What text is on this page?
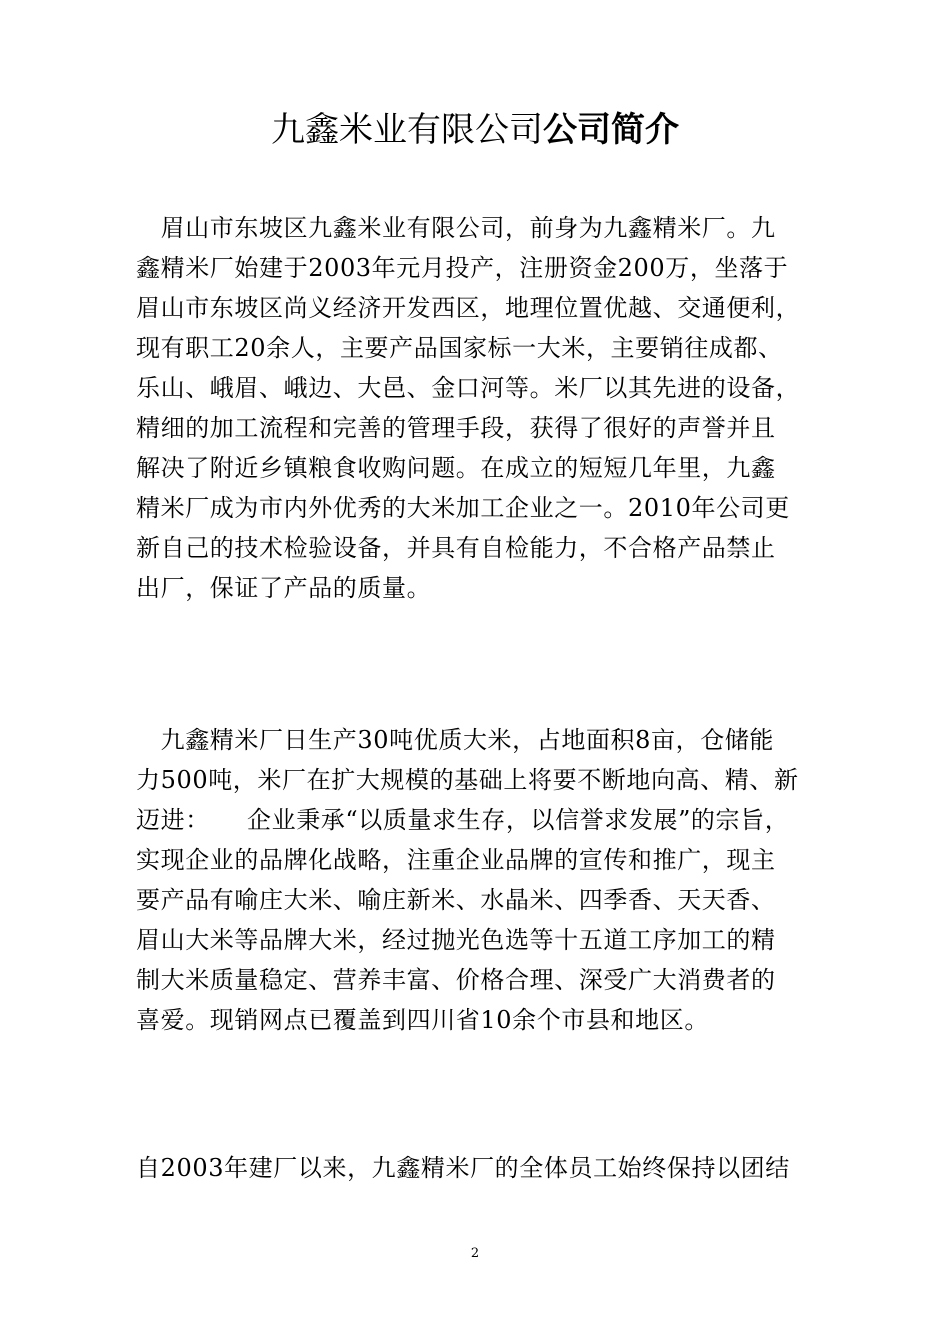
九鑫米业有限公司公司简介
　眉山市东坡区九鑫米业有限公司，前身为九鑫精米厂。九
鑫精米厂始建于2003年元月投产，注册资金200万，坐落于
眉山市东坡区尚义经济开发西区，地理位置优越、交通便利，
现有职工20余人，主要产品国家标一大米，主要销往成都、
乐山、峨眉、峨边、大邑、金口河等。米厂以其先进的设备，
精细的加工流程和完善的管理手段，获得了很好的声誉并且
解决了附近乡镇粮食收购问题。在成立的短短几年里，九鑫
精米厂成为市内外优秀的大米加工企业之一。2010年公司更
新自己的技术检验设备，并具有自检能力，不合格产品禁止
出厂，保证了产品的质量。
　九鑫精米厂日生产30吨优质大米，占地面积8亩，仓储能
力500吨，米厂在扩大规模的基础上将要不断地向高、精、新
迈进：　　企业秉承“以质量求生存，以信誉求发展”的宗旨，
实现企业的品牌化战略，注重企业品牌的宣传和推广，现主
要产品有喻庄大米、喻庄新米、水晶米、四季香、天天香、
眉山大米等品牌大米，经过抛光色选等十五道工序加工的精
制大米质量稳定、营养丰富、价格合理、深受广大消费者的
喜爱。现销网点已覆盖到四川省10余个市县和地区。
自2003年建厂以来，九鑫精米厂的全体员工始终保持以团结
2
